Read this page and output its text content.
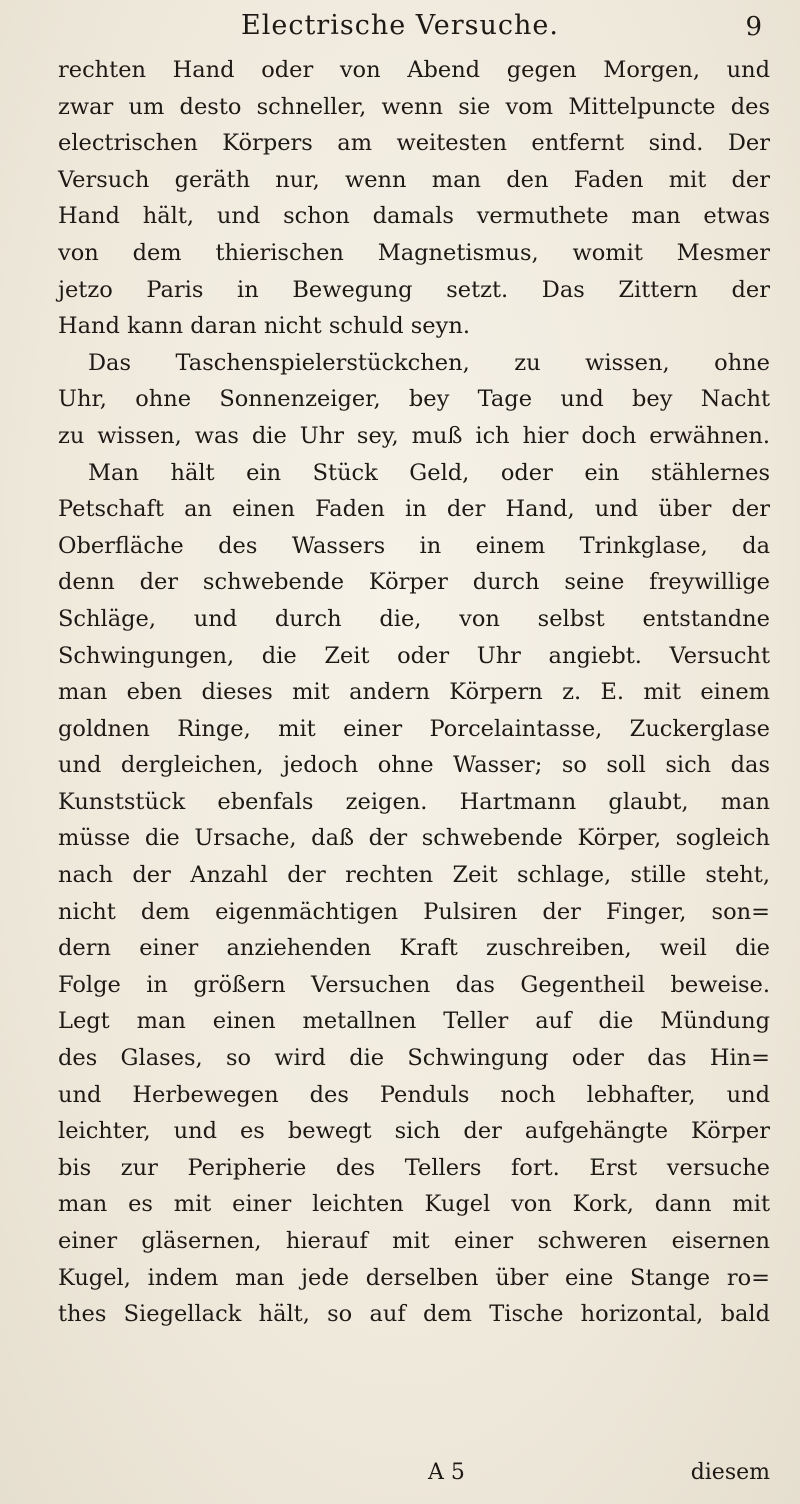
Electrische Versuche.	9
rechten Hand oder von Abend gegen Morgen, und
zwar um desto schneller, wenn sie vom Mittelpuncte des
electrischen Körpers am weitesten entfernt sind. Der
Versuch geräth nur, wenn man den Faden mit der
Hand hält, und schon damals vermuthete man etwas
von dem thierischen Magnetismus, womit Mesmer
jetzo Paris in Bewegung setzt. Das Zittern der
Hand kann daran nicht schuld seyn.
Das Taschenspielerstückchen, zu wissen, ohne
Uhr, ohne Sonnenzeiger, bey Tage und bey Nacht
zu wissen, was die Uhr sey, muß ich hier doch erwähnen.
Man hält ein Stück Geld, oder ein stählernes
Petschaft an einen Faden in der Hand, und über der
Oberfläche des Wassers in einem Trinkglase, da
denn der schwebende Körper durch seine freywillige
Schläge, und durch die, von selbst entstandne
Schwingungen, die Zeit oder Uhr angiebt. Versucht
man eben dieses mit andern Körpern z. E. mit einem
goldnen Ringe, mit einer Porcelaintasse, Zuckerglase
und dergleichen, jedoch ohne Wasser; so soll sich das
Kunststück ebenfals zeigen. Hartmann glaubt, man
müsse die Ursache, daß der schwebende Körper, sogleich
nach der Anzahl der rechten Zeit schlage, stille steht,
nicht dem eigenmächtigen Pulsiren der Finger, son=
dern einer anziehenden Kraft zuschreiben, weil die
Folge in größern Versuchen das Gegentheil beweise.
Legt man einen metallnen Teller auf die Mündung
des Glases, so wird die Schwingung oder das Hin=
und Herbewegen des Penduls noch lebhafter, und
leichter, und es bewegt sich der aufgehängte Körper
bis zur Peripherie des Tellers fort. Erst versuche
man es mit einer leichten Kugel von Kork, dann mit
einer gläsernen, hierauf mit einer schweren eisernen
Kugel, indem man jede derselben über eine Stange ro=
thes Siegellack hält, so auf dem Tische horizontal, bald
A 5	diesem
